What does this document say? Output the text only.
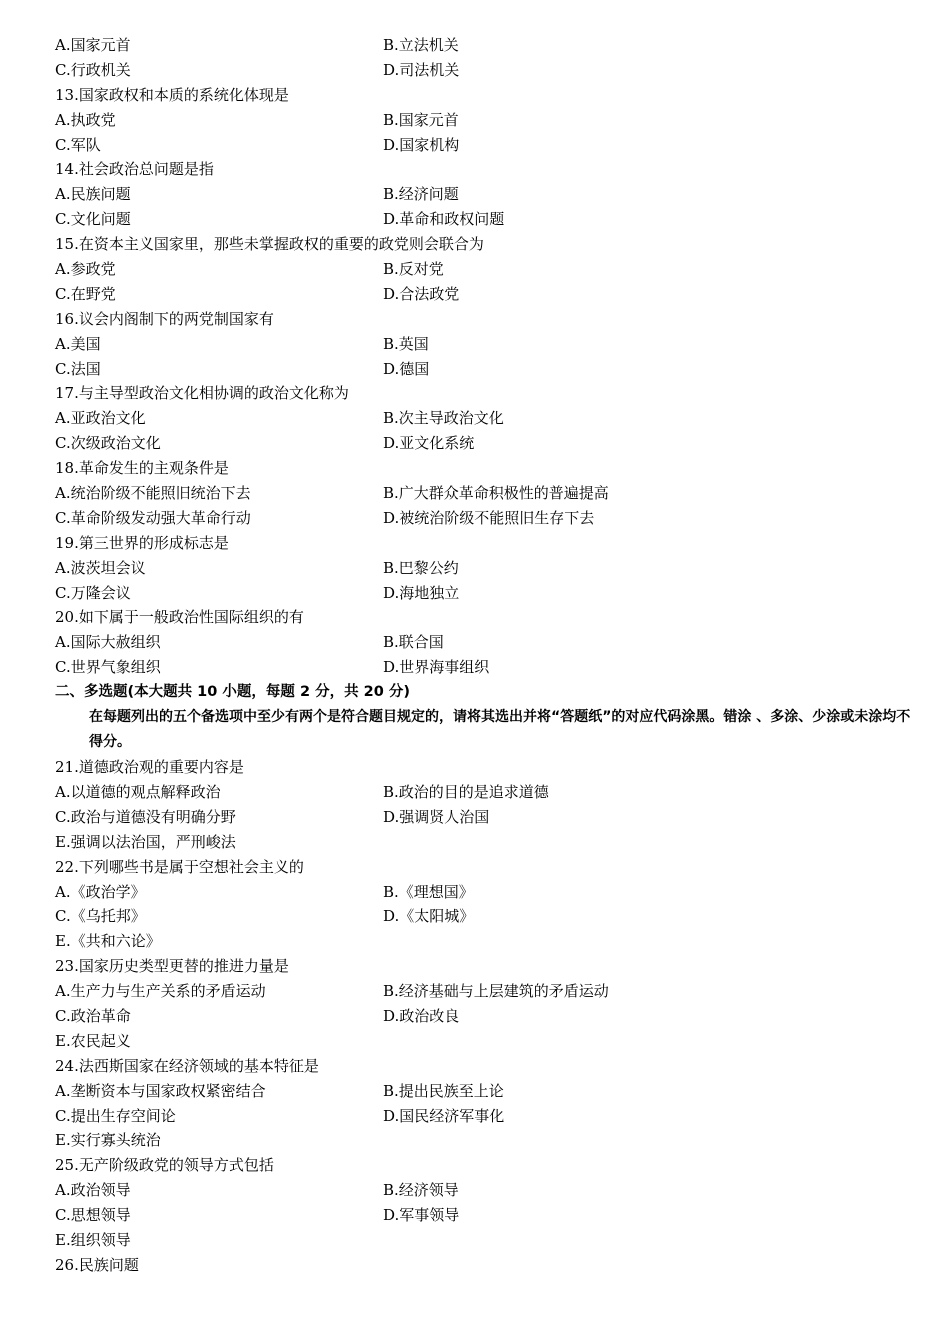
A.国家元首	B.立法机关
C.行政机关	D.司法机关
13.国家政权和本质的系统化体现是
A.执政党	B.国家元首
C.军队	D.国家机构
14.社会政治总问题是指
A.民族问题	B.经济问题
C.文化问题	D.革命和政权问题
15.在资本主义国家里，那些未掌握政权的重要的政党则会联合为
A.参政党	B.反对党
C.在野党	D.合法政党
16.议会内阁制下的两党制国家有
A.美国	B.英国
C.法国	D.德国
17.与主导型政治文化相协调的政治文化称为
A.亚政治文化	B.次主导政治文化
C.次级政治文化	D.亚文化系统
18.革命发生的主观条件是
A.统治阶级不能照旧统治下去	B.广大群众革命积极性的普遍提高
C.革命阶级发动强大革命行动	D.被统治阶级不能照旧生存下去
19.第三世界的形成标志是
A.波茨坦会议	B.巴黎公约
C.万隆会议	D.海地独立
20.如下属于一般政治性国际组织的有
A.国际大赦组织	B.联合国
C.世界气象组织	D.世界海事组织
二、多选题(本大题共 10 小题，每题 2 分，共 20 分)
在每题列出的五个备选项中至少有两个是符合题目规定的，请将其选出并将“答题纸”的对应代码涂黑。错涂 、多涂、少涂或未涂均不得分。
21.道德政治观的重要内容是
A.以道德的观点解释政治	B.政治的目的是追求道德
C.政治与道德没有明确分野	D.强调贤人治国
E.强调以法治国，严刑峻法
22.下列哪些书是属于空想社会主义的
A.《政治学》	B.《理想国》
C.《乌托邦》	D.《太阳城》
E.《共和六论》
23.国家历史类型更替的推进力量是
A.生产力与生产关系的矛盾运动	B.经济基础与上层建筑的矛盾运动
C.政治革命	D.政治改良
E.农民起义
24.法西斯国家在经济领域的基本特征是
A.垄断资本与国家政权紧密结合	B.提出民族至上论
C.提出生存空间论	D.国民经济军事化
E.实行寡头统治
25.无产阶级政党的领导方式包括
A.政治领导	B.经济领导
C.思想领导	D.军事领导
E.组织领导
26.民族问题
